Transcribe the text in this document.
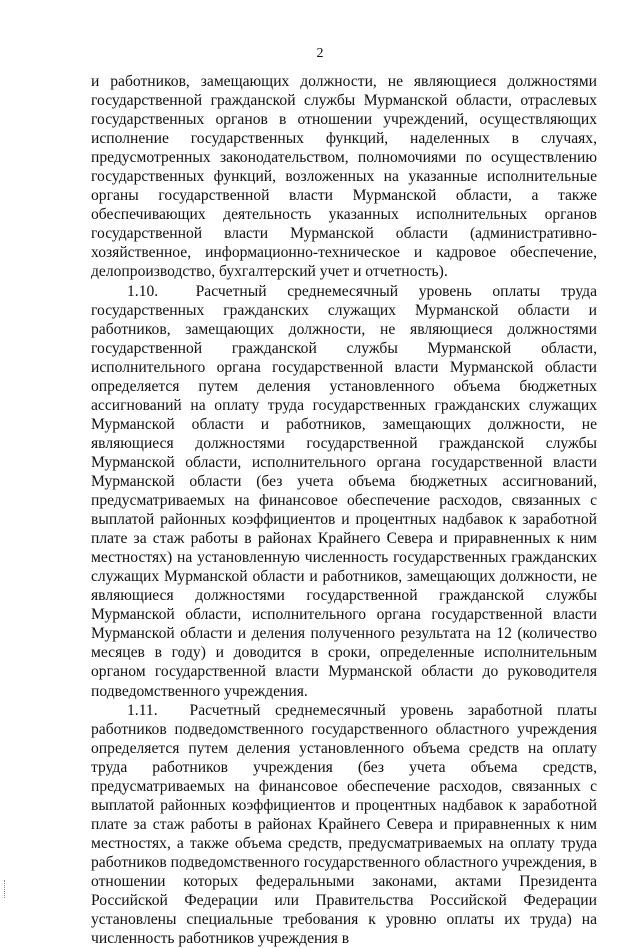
2

и работников, замещающих должности, не являющиеся должностями государственной гражданской службы Мурманской области, отраслевых государственных органов в отношении учреждений, осуществляющих исполнение государственных функций, наделенных в случаях, предусмотренных законодательством, полномочиями по осуществлению государственных функций, возложенных на указанные исполнительные органы государственной власти Мурманской области, а также обеспечивающих деятельность указанных исполнительных органов государственной власти Мурманской области (административно-хозяйственное, информационно-техническое и кадровое обеспечение, делопроизводство, бухгалтерский учет и отчетность).

1.10. Расчетный среднемесячный уровень оплаты труда государственных гражданских служащих Мурманской области и работников, замещающих должности, не являющиеся должностями государственной гражданской службы Мурманской области, исполнительного органа государственной власти Мурманской области определяется путем деления установленного объема бюджетных ассигнований на оплату труда государственных гражданских служащих Мурманской области и работников, замещающих должности, не являющиеся должностями государственной гражданской службы Мурманской области, исполнительного органа государственной власти Мурманской области (без учета объема бюджетных ассигнований, предусматриваемых на финансовое обеспечение расходов, связанных с выплатой районных коэффициентов и процентных надбавок к заработной плате за стаж работы в районах Крайнего Севера и приравненных к ним местностях) на установленную численность государственных гражданских служащих Мурманской области и работников, замещающих должности, не являющиеся должностями государственной гражданской службы Мурманской области, исполнительного органа государственной власти Мурманской области и деления полученного результата на 12 (количество месяцев в году) и доводится в сроки, определенные исполнительным органом государственной власти Мурманской области до руководителя подведомственного учреждения.

1.11. Расчетный среднемесячный уровень заработной платы работников подведомственного государственного областного учреждения определяется путем деления установленного объема средств на оплату труда работников учреждения (без учета объема средств, предусматриваемых на финансовое обеспечение расходов, связанных с выплатой районных коэффициентов и процентных надбавок к заработной плате за стаж работы в районах Крайнего Севера и приравненных к ним местностях, а также объема средств, предусматриваемых на оплату труда работников подведомственного государственного областного учреждения, в отношении которых федеральными законами, актами Президента Российской Федерации или Правительства Российской Федерации установлены специальные требования к уровню оплаты их труда) на численность работников учреждения в
